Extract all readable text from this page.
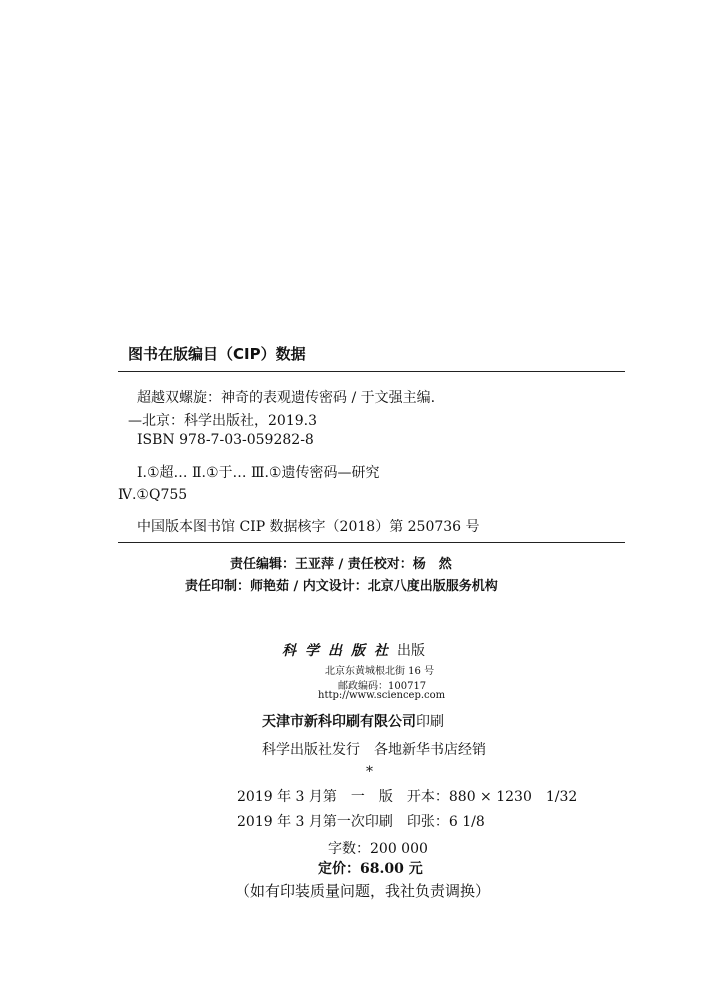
图书在版编目（CIP）数据
超越双螺旋：神奇的表观遗传密码 / 于文强主编.
—北京：科学出版社，2019.3
ISBN 978-7-03-059282-8
Ⅰ.①超… Ⅱ.①于… Ⅲ.①遗传密码—研究
Ⅳ.①Q755
中国版本图书馆 CIP 数据核字（2018）第 250736 号
责任编辑：王亚萍 / 责任校对：杨　然
责任印制：师艳茹 / 内文设计：北京八度出版服务机构
科学出版社出版
北京东黄城根北街 16 号
邮政编码：100717
http://www.sciencep.com
天津市新科印刷有限公司印刷
科学出版社发行　各地新华书店经销
*
2019 年 3 月第　一　版　开本：880 × 1230　1/32
2019 年 3 月第一次印刷　印张：6 1/8
字数：200 000
定价：68.00 元
（如有印装质量问题，我社负责调换）
